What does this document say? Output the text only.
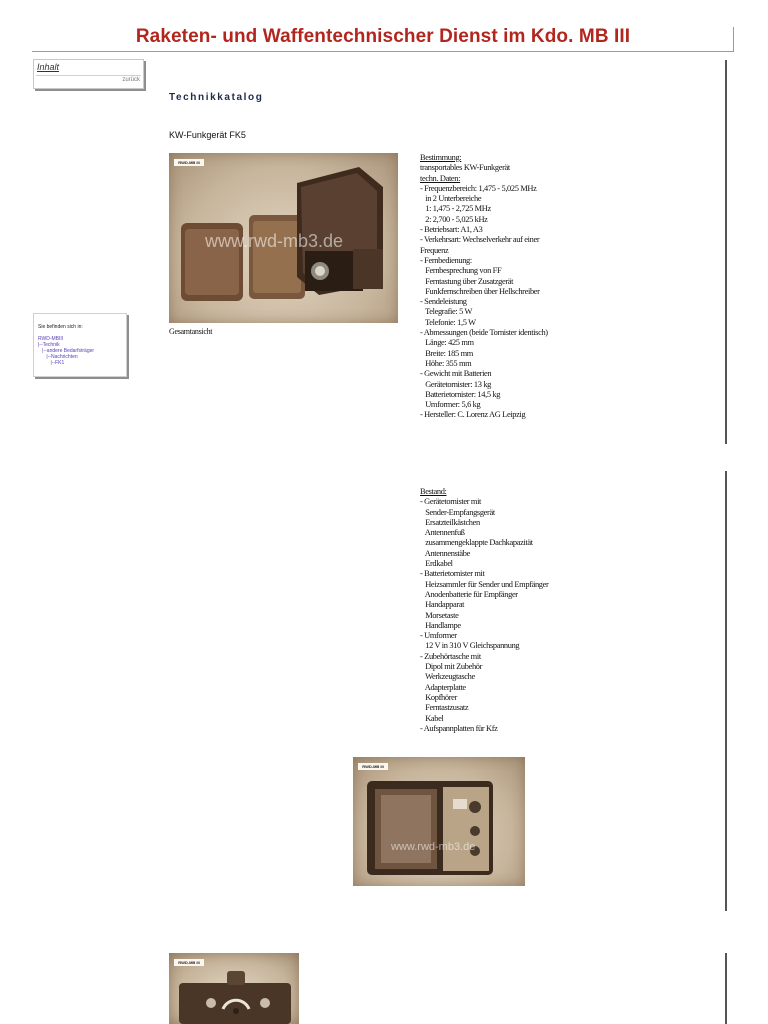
Raketen- und Waffentechnischer Dienst im Kdo. MB III
Inhalt
zurück
Sie befinden sich in:
RWD-MBIII
|--Technik
|--andere Bedarfsträger
|--Nachrichten
|--FK1
Technikkatalog
KW-Funkgerät FK5
RWD-MB III
www.rwd-mb3.de
Gesamtansicht
Bestimmung:
transportables KW-Funkgerät
techn. Daten:
- Frequenzbereich: 1,475 - 5,025 MHz
in 2 Unterbereiche
1: 1,475 - 2,725 MHz
2: 2,700 - 5,025 kHz
- Betriebsart: A1, A3
- Verkehrsart: Wechselverkehr auf einer
Frequenz
- Fernbedienung:
Fernbesprechung von FF
Ferntastung über Zusatzgerät
Funkfernschreiben über Hellschreiber
- Sendeleistung
Telegrafie: 5 W
Telefonie: 1,5 W
- Abmessungen (beide Tornister identisch)
Länge: 425 mm
Breite: 185 mm
Höhe: 355 mm
- Gewicht mit Batterien
Gerätetornister: 13 kg
Batterietornister: 14,5 kg
Umformer: 5,6 kg
- Hersteller: C. Lorenz AG Leipzig
Bestand:
- Gerätetornister mit
Sender-Empfangsgerät
Ersatzteilkästchen
Antennenfuß
zusammengeklappte Dachkapazität
Antennenstäbe
Erdkabel
- Batterietornister mit
Heizsammler für Sender und Empfänger
Anodenbatterie für Empfänger
Handapparat
Morsetaste
Handlampe
- Umformer
12 V in 310 V Gleichspannung
- Zubehörtasche mit
Dipol mit Zubehör
Werkzeugtasche
Adapterplatte
Kopfhörer
Ferntastzusatz
Kabel
- Aufspannplatten für Kfz
RWD-MB III
www.rwd-mb3.de
RWD-MB III
